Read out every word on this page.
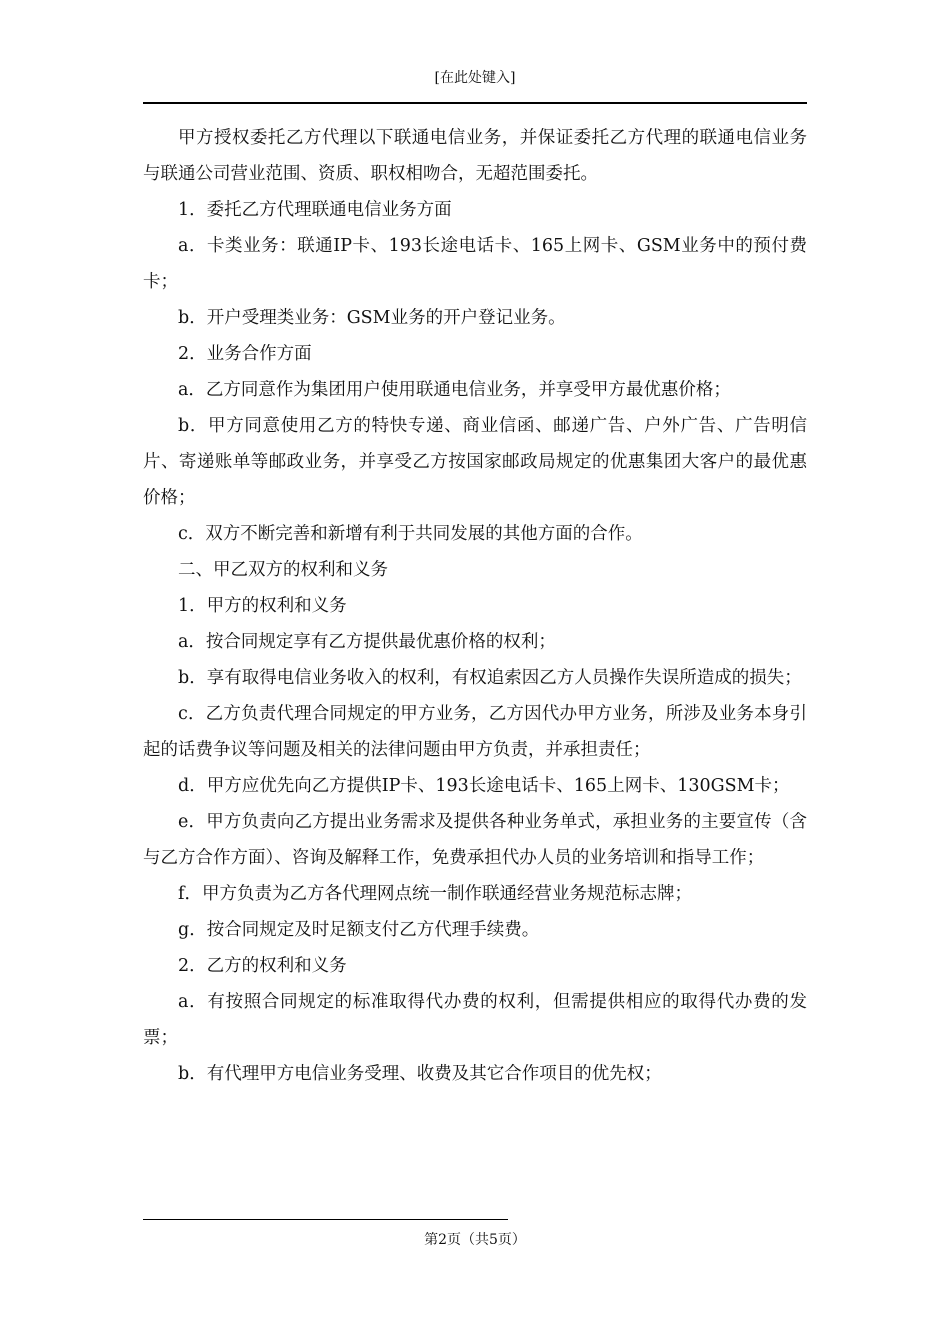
[在此处键入]

甲方授权委托乙方代理以下联通电信业务，并保证委托乙方代理的联通电信业务与联通公司营业范围、资质、职权相吻合，无超范围委托。

1．委托乙方代理联通电信业务方面

a．卡类业务：联通IP卡、193长途电话卡、165上网卡、GSM业务中的预付费卡；

b．开户受理类业务：GSM业务的开户登记业务。

2．业务合作方面

a．乙方同意作为集团用户使用联通电信业务，并享受甲方最优惠价格；

b．甲方同意使用乙方的特快专递、商业信函、邮递广告、户外广告、广告明信片、寄递账单等邮政业务，并享受乙方按国家邮政局规定的优惠集团大客户的最优惠价格；

c．双方不断完善和新增有利于共同发展的其他方面的合作。

二、甲乙双方的权利和义务

1．甲方的权利和义务

a．按合同规定享有乙方提供最优惠价格的权利；

b．享有取得电信业务收入的权利，有权追索因乙方人员操作失误所造成的损失；

c．乙方负责代理合同规定的甲方业务，乙方因代办甲方业务，所涉及业务本身引起的话费争议等问题及相关的法律问题由甲方负责，并承担责任；

d．甲方应优先向乙方提供IP卡、193长途电话卡、165上网卡、130GSM卡；

e．甲方负责向乙方提出业务需求及提供各种业务单式，承担业务的主要宣传（含与乙方合作方面）、咨询及解释工作，免费承担代办人员的业务培训和指导工作；

f．甲方负责为乙方各代理网点统一制作联通经营业务规范标志牌；

g．按合同规定及时足额支付乙方代理手续费。

2．乙方的权利和义务

a．有按照合同规定的标准取得代办费的权利，但需提供相应的取得代办费的发票；

b．有代理甲方电信业务受理、收费及其它合作项目的优先权；

第2页（共5页）
